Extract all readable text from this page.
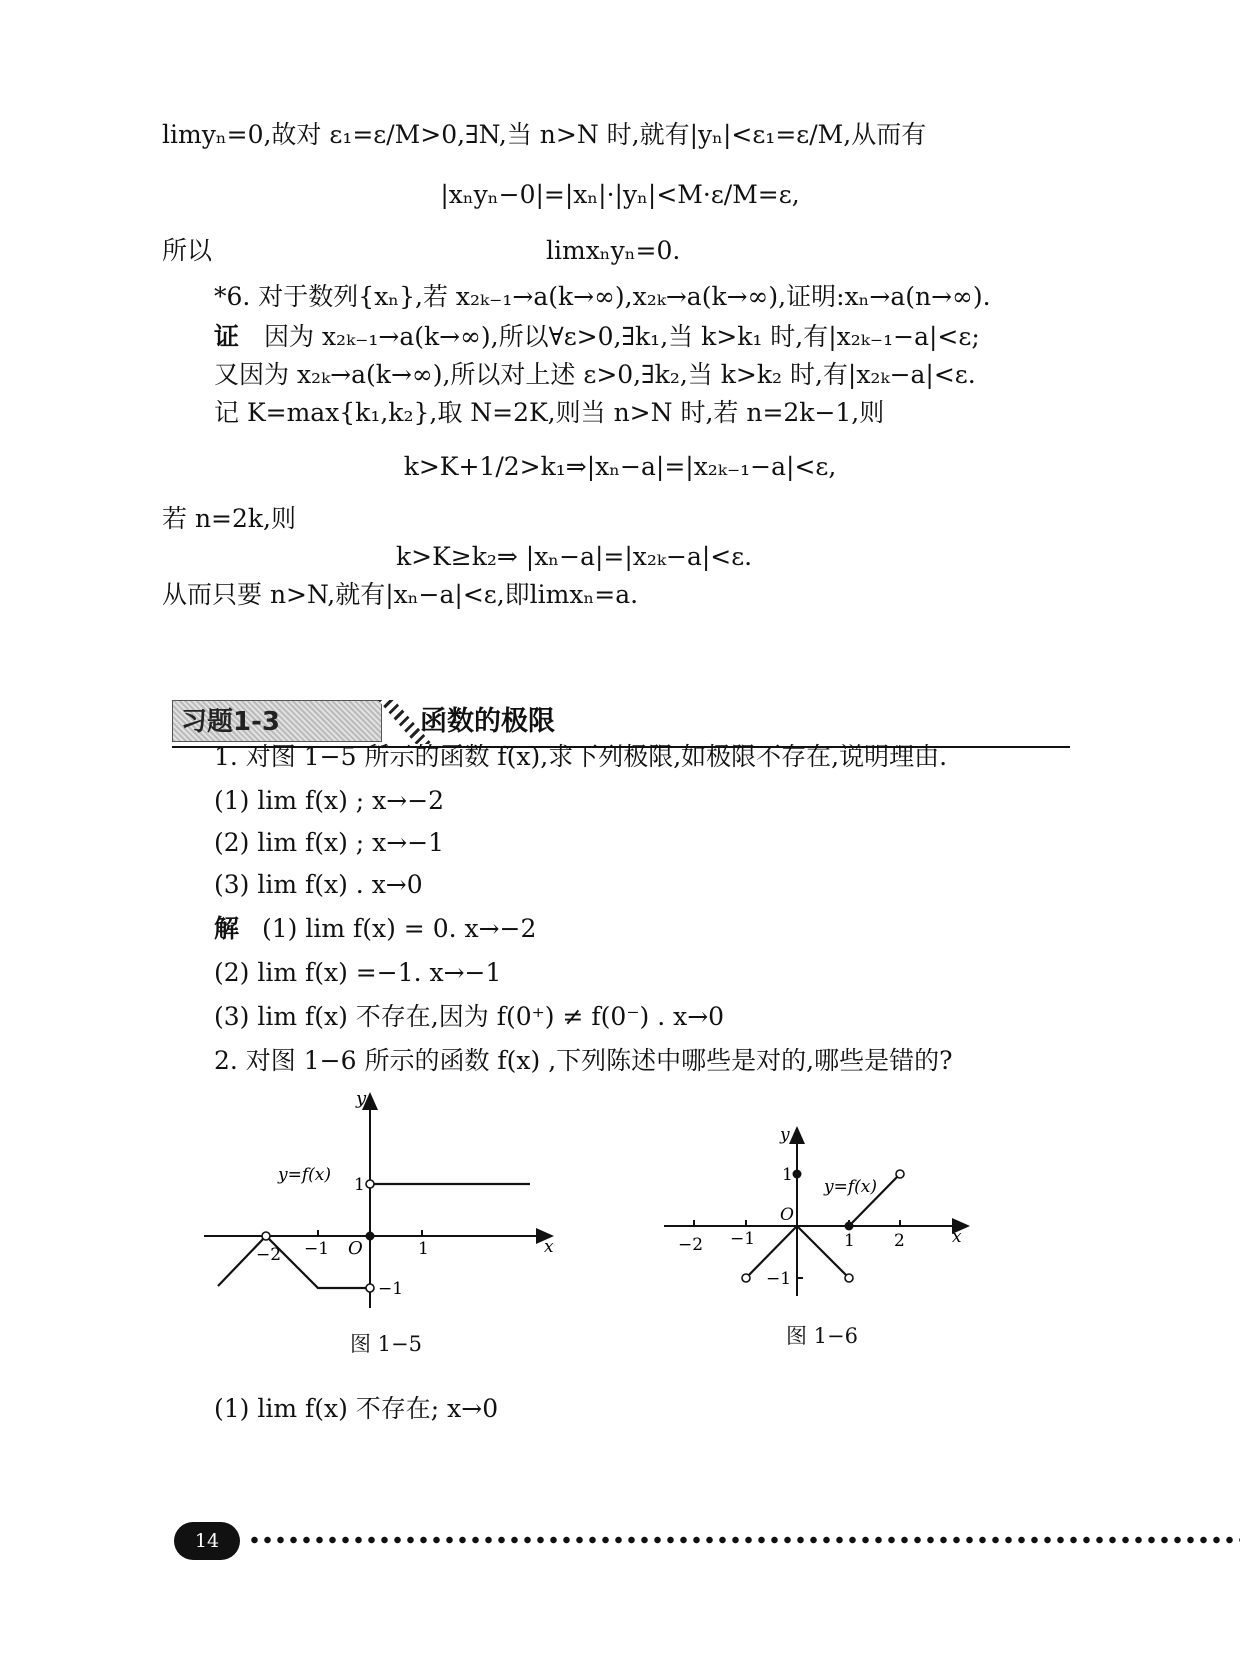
limyₙ=0,故对 ε₁=ε/M>0,∃N,当 n>N 时,就有|yₙ|<ε₁=ε/M,从而有
|xₙyₙ−0|=|xₙ|·|yₙ|<M·ε/M=ε,
所以	limxₙyₙ=0.
*6. 对于数列{xₙ},若 x₂ₖ₋₁→a(k→∞),x₂ₖ→a(k→∞),证明:xₙ→a(n→∞).
证 因为 x₂ₖ₋₁→a(k→∞),所以∀ε>0,∃k₁,当 k>k₁ 时,有|x₂ₖ₋₁−a|<ε;
又因为 x₂ₖ→a(k→∞),所以对上述 ε>0,∃k₂,当 k>k₂ 时,有|x₂ₖ−a|<ε.
记 K=max{k₁,k₂},取 N=2K,则当 n>N 时,若 n=2k−1,则
k>K+1/2>k₁⇒|xₙ−a|=|x₂ₖ₋₁−a|<ε,
若 n=2k,则
k>K≥k₂⇒ |xₙ−a|=|x₂ₖ−a|<ε.
从而只要 n>N,就有|xₙ−a|<ε,即limxₙ=a.
习题1-3	函数的极限
1. 对图 1−5 所示的函数 f(x),求下列极限,如极限不存在,说明理由.
(1) lim f(x) ; x→−2
(2) lim f(x) ; x→−1
(3) lim f(x) . x→0
解 (1) lim f(x) = 0. x→−2
(2) lim f(x) =−1. x→−1
(3) lim f(x) 不存在,因为 f(0⁺) ≠ f(0⁻) . x→0
2. 对图 1−6 所示的函数 f(x) ,下列陈述中哪些是对的,哪些是错的?
y=f(x)
y
x
O
−2 −1	1
1
−1
图 1−5
y=f(x)
y
x
O
−2 −1	1 2
1
−1
图 1−6
(1) lim f(x) 不存在; x→0
14
